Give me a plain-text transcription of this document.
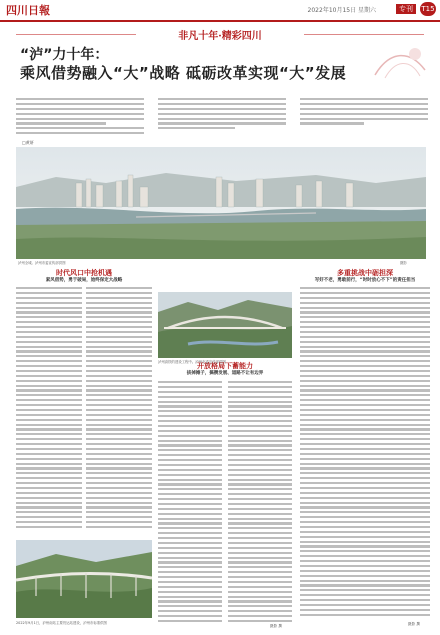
四川日報	2022年10月15日 星期六	专刊	T15
非凡十年·精彩四川
“泸”力十年：
乘风借势融入“大”战略 砥砺改革实现“大”发展
□黄妍
泸州全城。泸州市委宣传部供图	摄影
时代风口中抢机遇
紧风借势，勇于破局，始终保定大战略
开放格局下蓄能力
拔掉摊子，搞攒发展、道路不让有边界
多重挑战中砺担深
写好不老，勇敢前行，“时时放心不下”的责任担当
泸州高铁的建设工程中。泸州市委宣传部供图
摄影 撰	摄影 撰
2022年9月1日，泸州南站主要货运站建设，泸州市标准供图
